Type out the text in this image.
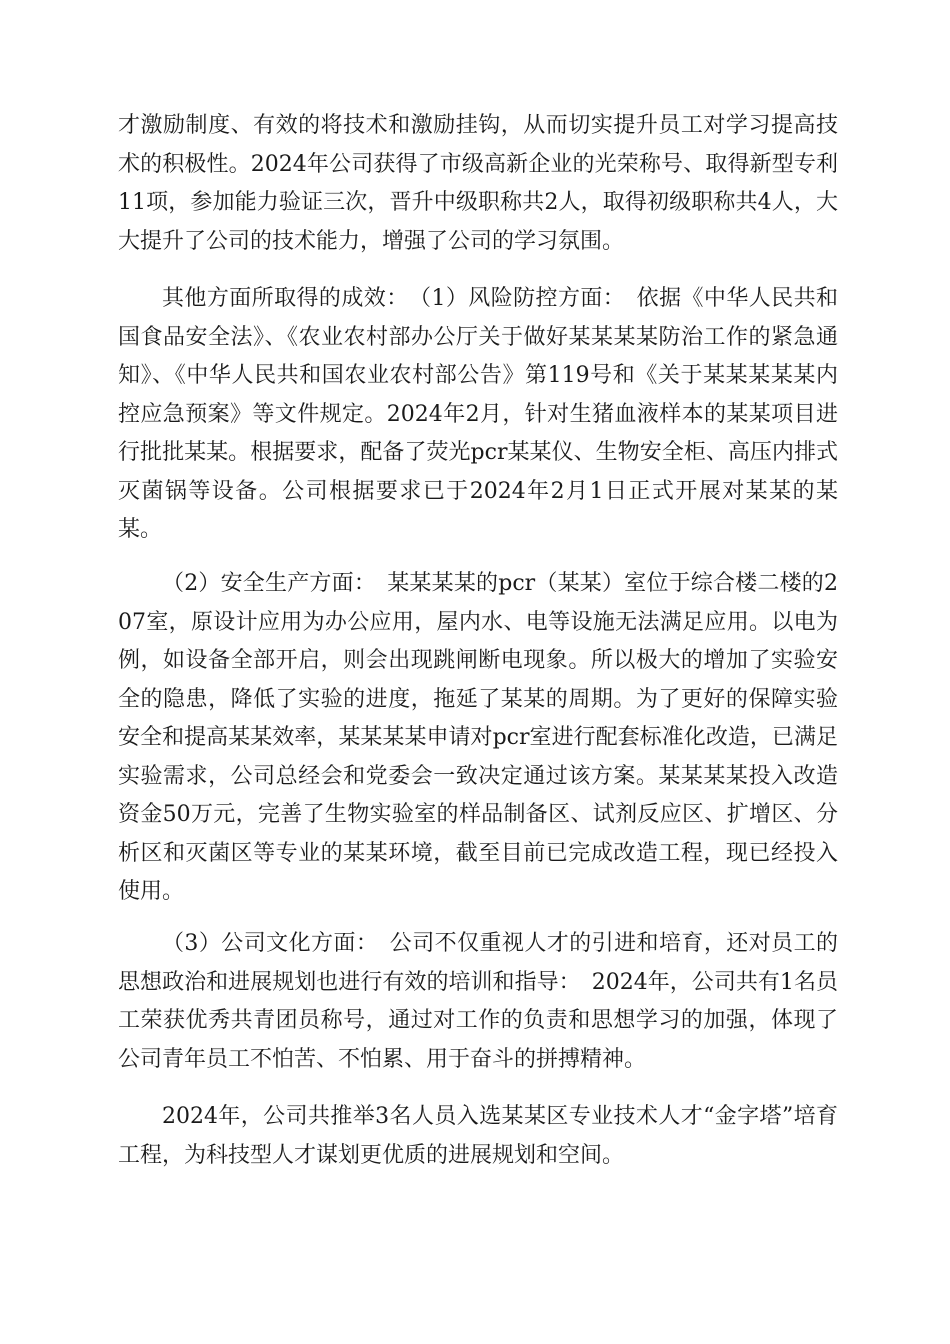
才激励制度、有效的将技术和激励挂钩，从而切实提升员工对学习提高技术的积极性。2024年公司获得了市级高新企业的光荣称号、取得新型专利11项，参加能力验证三次，晋升中级职称共2人，取得初级职称共4人，大大提升了公司的技术能力，增强了公司的学习氛围。

其他方面所取得的成效：　（1）风险防控方面：　依据《中华人民共和国食品安全法》、《农业农村部办公厅关于做好某某某某防治工作的紧急通知》、《中华人民共和国农业农村部公告》第119号和《关于某某某某某内控应急预案》等文件规定。2024年2月，针对生猪血液样本的某某项目进行批批某某。根据要求，配备了荧光pcr某某仪、生物安全柜、高压内排式灭菌锅等设备。公司根据要求已于2024年2月1日正式开展对某某的某某。

（2）安全生产方面：　某某某某的pcr（某某）室位于综合楼二楼的207室，原设计应用为办公应用，屋内水、电等设施无法满足应用。以电为例，如设备全部开启，则会出现跳闸断电现象。所以极大的增加了实验安全的隐患，降低了实验的进度，拖延了某某的周期。为了更好的保障实验安全和提高某某效率，某某某某申请对pcr室进行配套标准化改造，已满足实验需求，公司总经会和党委会一致决定通过该方案。某某某某投入改造资金50万元，完善了生物实验室的样品制备区、试剂反应区、扩增区、分析区和灭菌区等专业的某某环境，截至目前已完成改造工程，现已经投入使用。

（3）公司文化方面：　公司不仅重视人才的引进和培育，还对员工的思想政治和进展规划也进行有效的培训和指导：　2024年，公司共有1名员工荣获优秀共青团员称号，通过对工作的负责和思想学习的加强，体现了公司青年员工不怕苦、不怕累、用于奋斗的拼搏精神。

2024年，公司共推举3名人员入选某某区专业技术人才“金字塔”培育工程，为科技型人才谋划更优质的进展规划和空间。
